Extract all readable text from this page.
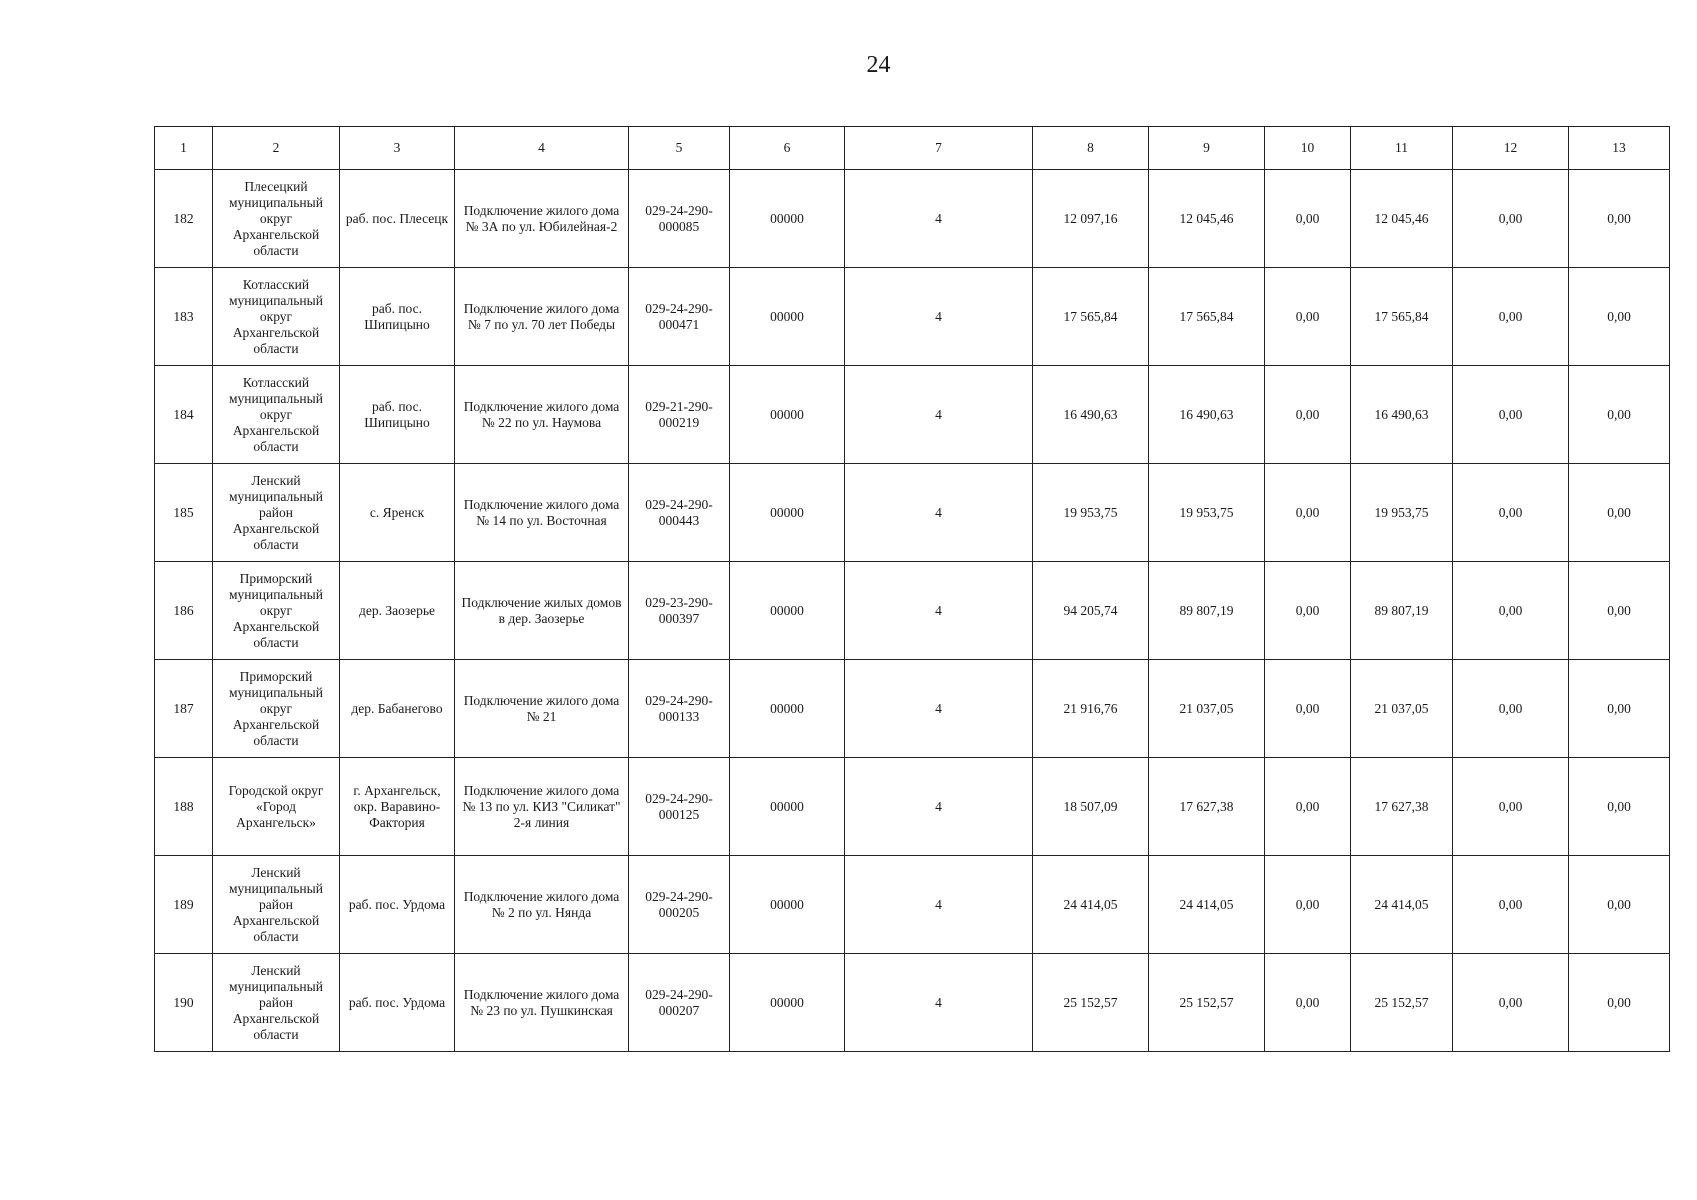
24
1	2	3	4	5	6	7	8	9	10	11	12	13
182	Плесецкий муниципальный округ Архангельской области	раб. пос. Плесецк	Подключение жилого дома № 3А по ул. Юбилейная-2	029-24-290-000085	00000	4	12 097,16	12 045,46	0,00	12 045,46	0,00	0,00
183	Котласский муниципальный округ Архангельской области	раб. пос. Шипицыно	Подключение жилого дома № 7 по ул. 70 лет Победы	029-24-290-000471	00000	4	17 565,84	17 565,84	0,00	17 565,84	0,00	0,00
184	Котласский муниципальный округ Архангельской области	раб. пос. Шипицыно	Подключение жилого дома № 22 по ул. Наумова	029-21-290-000219	00000	4	16 490,63	16 490,63	0,00	16 490,63	0,00	0,00
185	Ленский муниципальный район Архангельской области	с. Яренск	Подключение жилого дома № 14 по ул. Восточная	029-24-290-000443	00000	4	19 953,75	19 953,75	0,00	19 953,75	0,00	0,00
186	Приморский муниципальный округ Архангельской области	дер. Заозерье	Подключение жилых домов в дер. Заозерье	029-23-290-000397	00000	4	94 205,74	89 807,19	0,00	89 807,19	0,00	0,00
187	Приморский муниципальный округ Архангельской области	дер. Бабанегово	Подключение жилого дома № 21	029-24-290-000133	00000	4	21 916,76	21 037,05	0,00	21 037,05	0,00	0,00
188	Городской округ «Город Архангельск»	г. Архангельск, окр. Варавино-Фактория	Подключение жилого дома № 13 по ул. КИЗ "Силикат" 2-я линия	029-24-290-000125	00000	4	18 507,09	17 627,38	0,00	17 627,38	0,00	0,00
189	Ленский муниципальный район Архангельской области	раб. пос. Урдома	Подключение жилого дома № 2 по ул. Нянда	029-24-290-000205	00000	4	24 414,05	24 414,05	0,00	24 414,05	0,00	0,00
190	Ленский муниципальный район Архангельской области	раб. пос. Урдома	Подключение жилого дома № 23 по ул. Пушкинская	029-24-290-000207	00000	4	25 152,57	25 152,57	0,00	25 152,57	0,00	0,00
